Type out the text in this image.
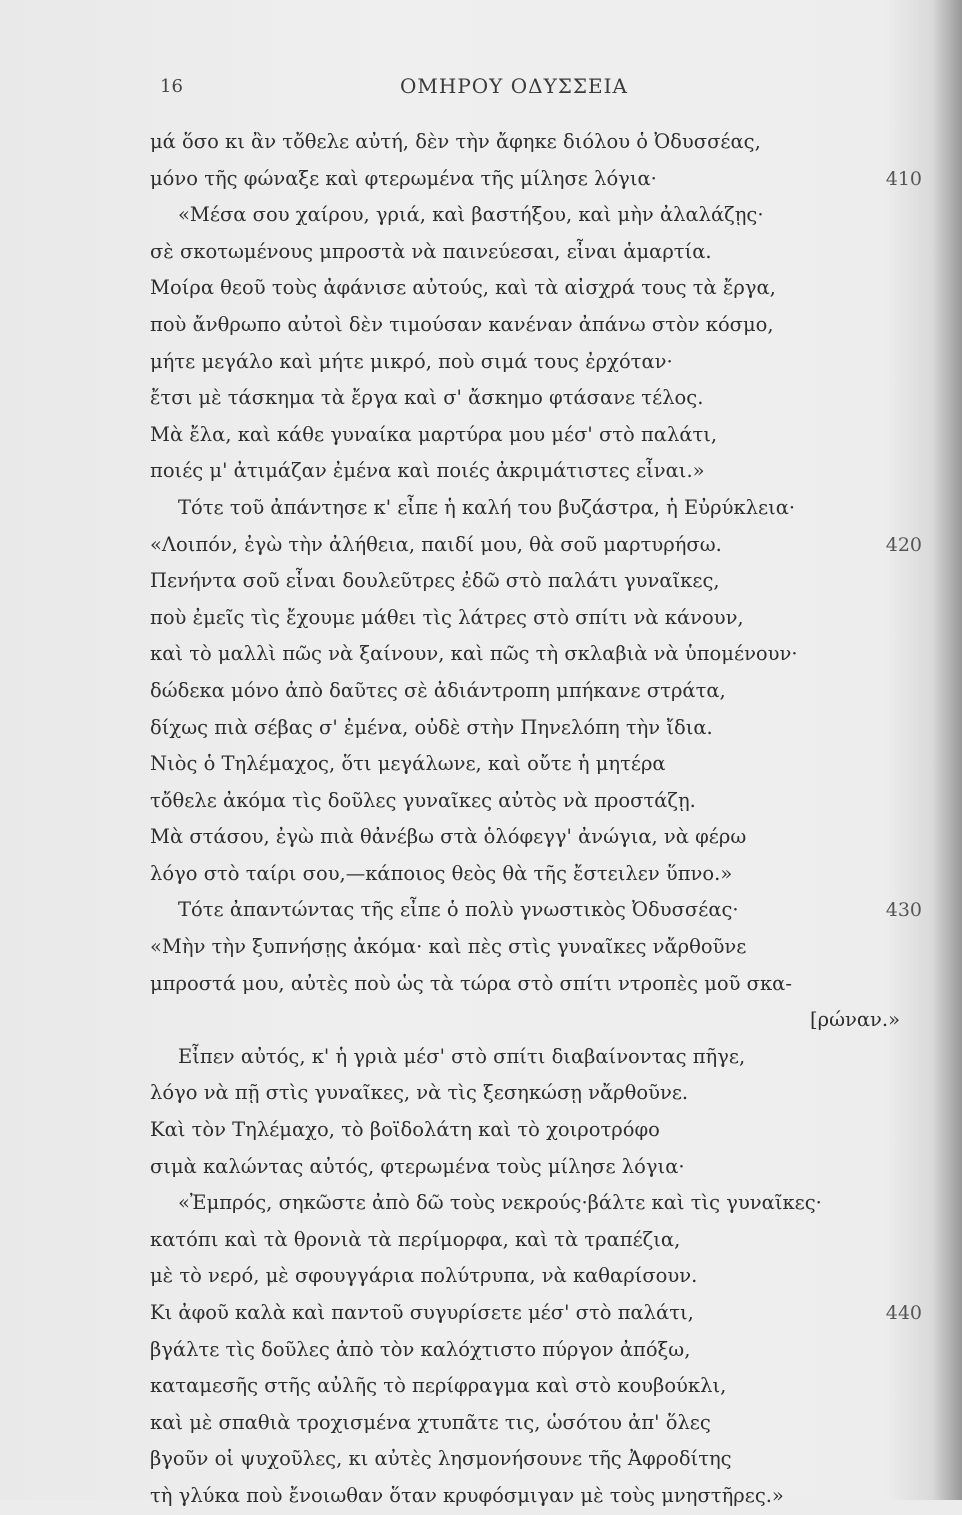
16	ΟΜΗΡΟΥ ΟΔΥΣΣΕΙΑ
μά ὅσο κι ἂν τὄθελε αὐτή, δὲν τὴν ἄφηκε διόλου ὁ Ὀδυσσέας,
μόνο τῆς φώναξε καὶ φτερωμένα τῆς μίλησε λόγια·	410
«Μέσα σου χαίρου, γριά, καὶ βαστήξου, καὶ μὴν ἀλαλάζῃς·
σὲ σκοτωμένους μπροστὰ νὰ παινεύεσαι, εἶναι ἁμαρτία.
Μοίρα θεοῦ τοὺς ἀφάνισε αὐτούς, καὶ τὰ αἰσχρά τους τὰ ἔργα,
ποὺ ἄνθρωπο αὐτοὶ δὲν τιμούσαν κανέναν ἀπάνω στὸν κόσμο,
μήτε μεγάλο καὶ μήτε μικρό, ποὺ σιμά τους ἐρχόταν·
ἔτσι μὲ τάσκημα τὰ ἔργα καὶ σ' ἄσκημο φτάσανε τέλος.
Μὰ ἔλα, καὶ κάθε γυναίκα μαρτύρα μου μέσ' στὸ παλάτι,
ποιές μ' ἀτιμάζαν ἐμένα καὶ ποιές ἀκριμάτιστες εἶναι.»
Τότε τοῦ ἀπάντησε κ' εἶπε ἡ καλή του βυζάστρα, ἡ Εὐρύκλεια·
«Λοιπόν, ἐγὼ τὴν ἀλήθεια, παιδί μου, θὰ σοῦ μαρτυρήσω.	420
Πενήντα σοῦ εἶναι δουλεῦτρες ἐδῶ στὸ παλάτι γυναῖκες,
ποὺ ἐμεῖς τὶς ἔχουμε μάθει τὶς λάτρες στὸ σπίτι νὰ κάνουν,
καὶ τὸ μαλλὶ πῶς νὰ ξαίνουν, καὶ πῶς τὴ σκλαβιὰ νὰ ὑπομένουν·
δώδεκα μόνο ἀπὸ δαῦτες σὲ ἀδιάντροπη μπήκανε στράτα,
δίχως πιὰ σέβας σ' ἐμένα, οὐδὲ στὴν Πηνελόπη τὴν ἴδια.
Νιὸς ὁ Τηλέμαχος, ὅτι μεγάλωνε, καὶ οὔτε ἡ μητέρα
τὄθελε ἀκόμα τὶς δοῦλες γυναῖκες αὐτὸς νὰ προστάζῃ.
Μὰ στάσου, ἐγὼ πιὰ θἀνέβω στὰ ὁλόφεγγ' ἀνώγια, νὰ φέρω
λόγο στὸ ταίρι σου,—κάποιος θεὸς θὰ τῆς ἔστειλεν ὕπνο.»
Τότε ἀπαντώντας τῆς εἶπε ὁ πολὺ γνωστικὸς Ὀδυσσέας·	430
«Μὴν τὴν ξυπνήσῃς ἀκόμα· καὶ πὲς στὶς γυναῖκες νἄρθοῦνε
μπροστά μου, αὐτὲς ποὺ ὡς τὰ τώρα στὸ σπίτι ντροπὲς μοῦ σκα-
[ρώναν.»
Εἶπεν αὐτός, κ' ἡ γριὰ μέσ' στὸ σπίτι διαβαίνοντας πῆγε,
λόγο νὰ πῇ στὶς γυναῖκες, νὰ τὶς ξεσηκώσῃ νἄρθοῦνε.
Καὶ τὸν Τηλέμαχο, τὸ βοϊδολάτη καὶ τὸ χοιροτρόφο
σιμὰ καλώντας αὐτός, φτερωμένα τοὺς μίλησε λόγια·
«Ἐμπρός, σηκῶστε ἀπὸ δῶ τοὺς νεκρούς·βάλτε καὶ τὶς γυναῖκες·
κατόπι καὶ τὰ θρονιὰ τὰ περίμορφα, καὶ τὰ τραπέζια,
μὲ τὸ νερό, μὲ σφουγγάρια πολύτρυπα, νὰ καθαρίσουν.
Κι ἀφοῦ καλὰ καὶ παντοῦ συγυρίσετε μέσ' στὸ παλάτι,	440
βγάλτε τὶς δοῦλες ἀπὸ τὸν καλόχτιστο πύργον ἀπόξω,
καταμεσῆς στῆς αὐλῆς τὸ περίφραγμα καὶ στὸ κουβούκλι,
καὶ μὲ σπαθιὰ τροχισμένα χτυπᾶτε τις, ὡσότου ἀπ' ὅλες
βγοῦν οἱ ψυχοῦλες, κι αὐτὲς λησμονήσουνε τῆς Ἀφροδίτης
τὴ γλύκα ποὺ ἔνοιωθαν ὅταν κρυφόσμιγαν μὲ τοὺς μνηστῆρες.»
